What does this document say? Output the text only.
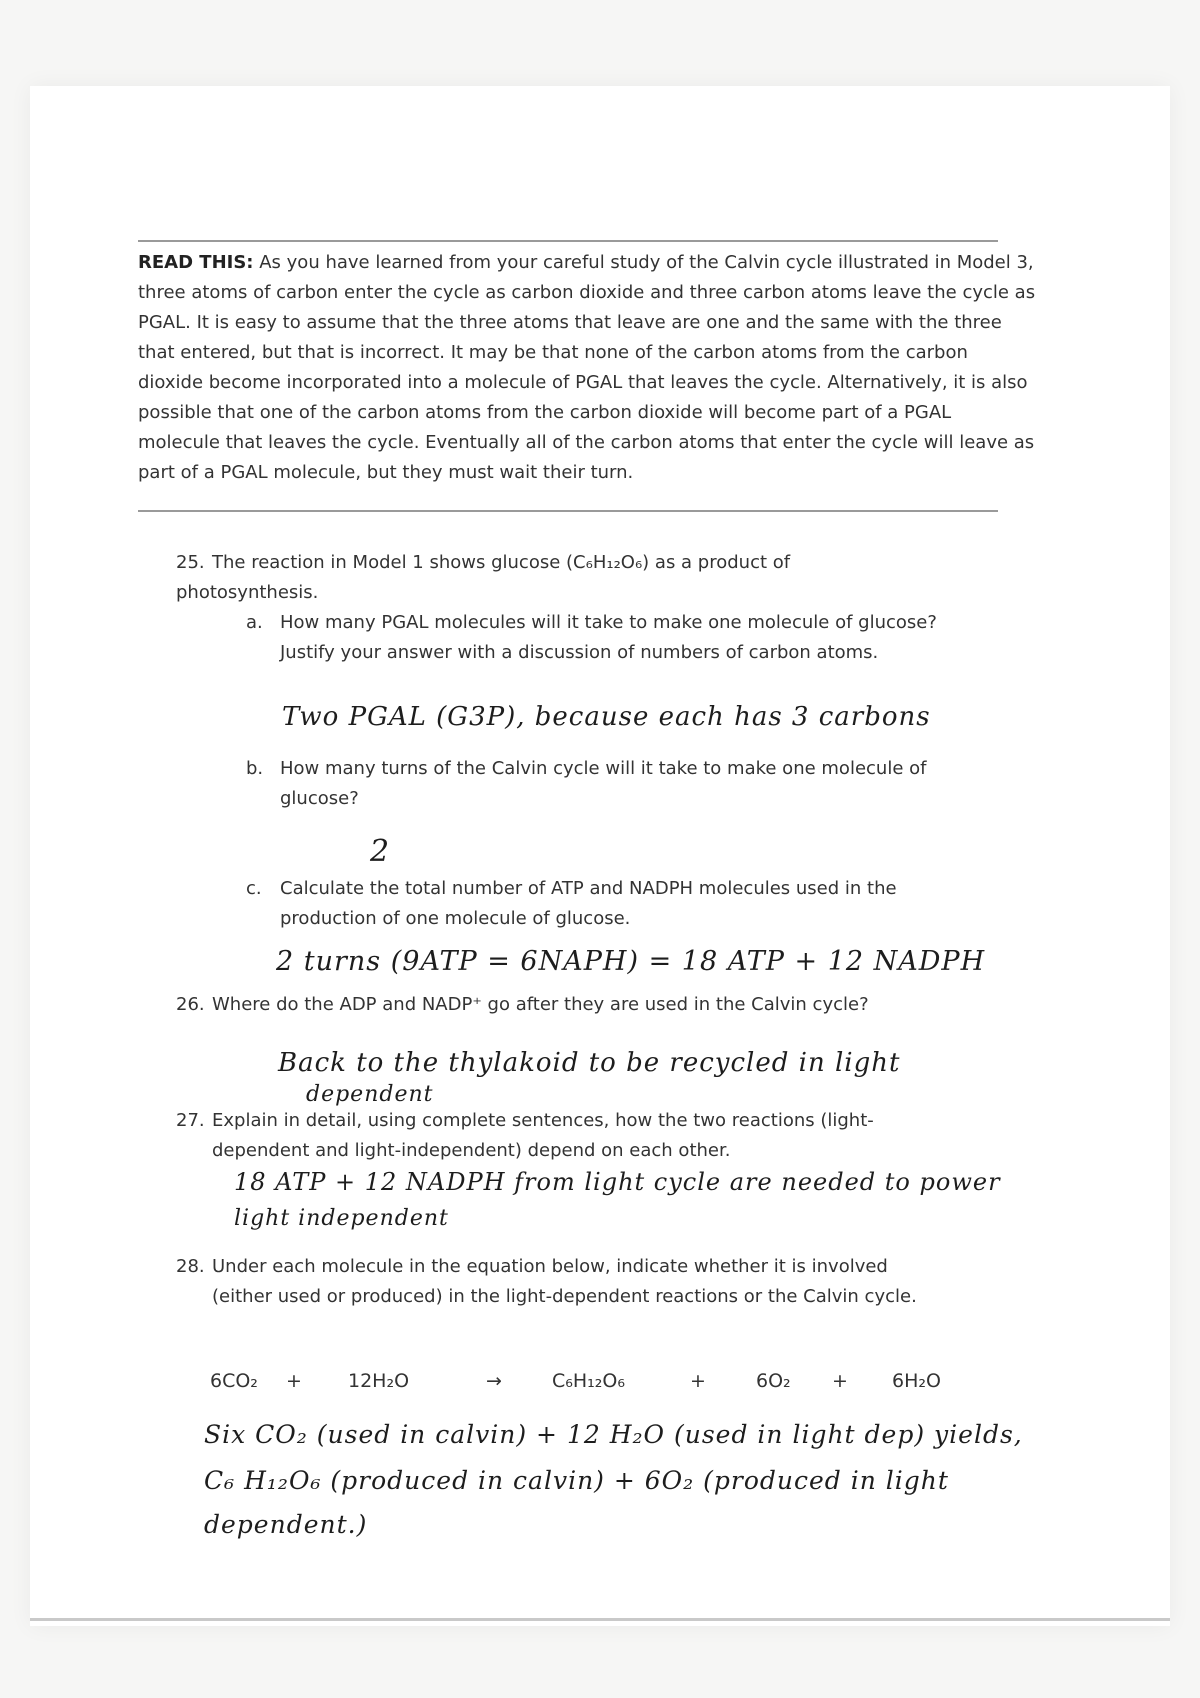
READ THIS: As you have learned from your careful study of the Calvin cycle illustrated in Model 3, three atoms of carbon enter the cycle as carbon dioxide and three carbon atoms leave the cycle as PGAL. It is easy to assume that the three atoms that leave are one and the same with the three that entered, but that is incorrect. It may be that none of the carbon atoms from the carbon dioxide become incorporated into a molecule of PGAL that leaves the cycle. Alternatively, it is also possible that one of the carbon atoms from the carbon dioxide will become part of a PGAL molecule that leaves the cycle. Eventually all of the carbon atoms that enter the cycle will leave as part of a PGAL molecule, but they must wait their turn.

25. The reaction in Model 1 shows glucose (C₆H₁₂O₆) as a product of photosynthesis.

a. How many PGAL molecules will it take to make one molecule of glucose? Justify your answer with a discussion of numbers of carbon atoms.

Two PGAL (G3P), because each has 3 carbons

b. How many turns of the Calvin cycle will it take to make one molecule of glucose?

2

c. Calculate the total number of ATP and NADPH molecules used in the production of one molecule of glucose.

2 turns (9ATP = 6NAPH) = 18 ATP + 12 NADPH

26. Where do the ADP and NADP⁺ go after they are used in the Calvin cycle?

Back to the thylakoid to be recycled in light

dependent

27. Explain in detail, using complete sentences, how the two reactions (light-dependent and light-independent) depend on each other.

18 ATP + 12 NADPH from light cycle are needed to power

light independent

28. Under each molecule in the equation below, indicate whether it is involved (either used or produced) in the light-dependent reactions or the Calvin cycle.

6CO₂ + 12H₂O	→	C₆H₁₂O₆	+	6O₂ + 6H₂O

Six CO₂ (used in calvin) + 12 H₂O (used in light dep) yields,

C₆ H₁₂O₆ (produced in calvin) + 6O₂ (produced in light

dependent.)
